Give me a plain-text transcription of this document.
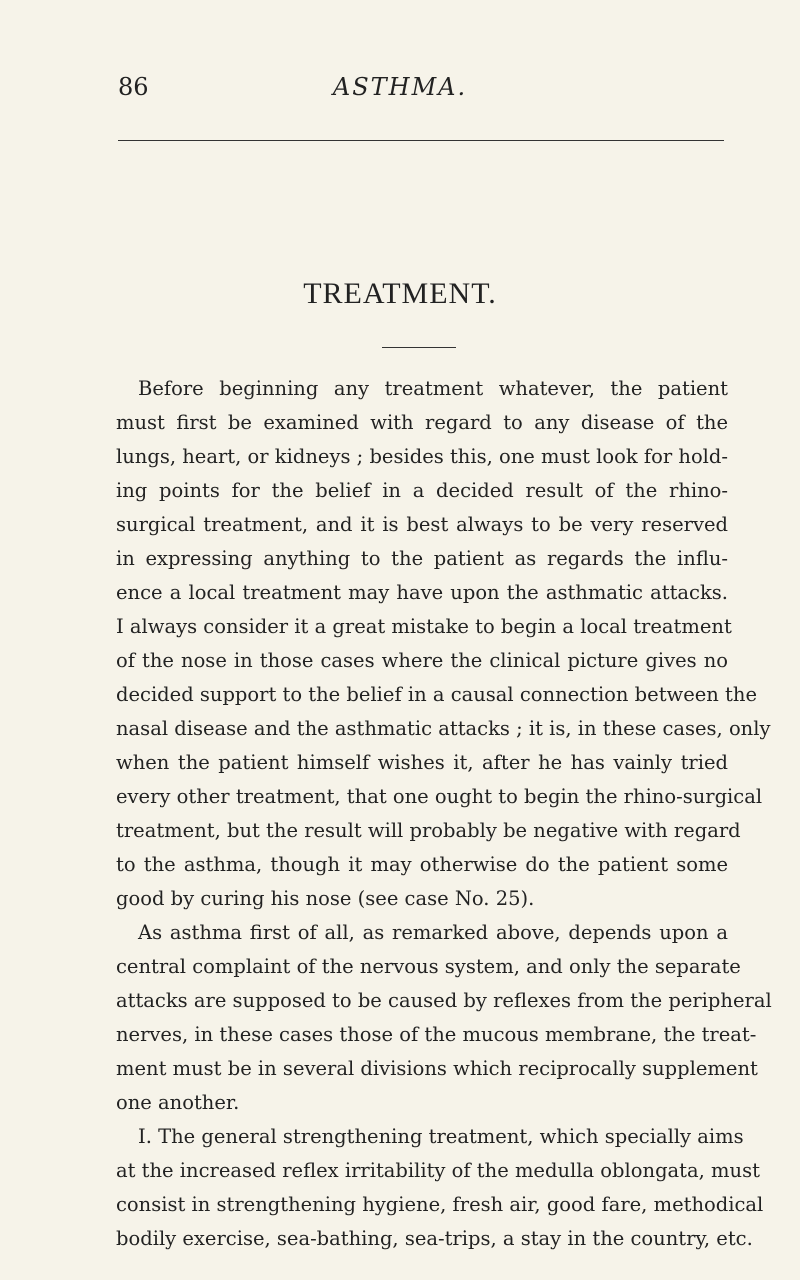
86	ASTHMA.
TREATMENT.
Before beginning any treatment whatever, the patient
must first be examined with regard to any disease of the
lungs, heart, or kidneys ; besides this, one must look for hold-
ing points for the belief in a decided result of the rhino-
surgical treatment, and it is best always to be very reserved
in expressing anything to the patient as regards the influ-
ence a local treatment may have upon the asthmatic attacks.
I always consider it a great mistake to begin a local treatment
of the nose in those cases where the clinical picture gives no
decided support to the belief in a causal connection between the
nasal disease and the asthmatic attacks ; it is, in these cases, only
when the patient himself wishes it, after he has vainly tried
every other treatment, that one ought to begin the rhino-surgical
treatment, but the result will probably be negative with regard
to the asthma, though it may otherwise do the patient some
good by curing his nose (see case No. 25).
As asthma first of all, as remarked above, depends upon a
central complaint of the nervous system, and only the separate
attacks are supposed to be caused by reflexes from the peripheral
nerves, in these cases those of the mucous membrane, the treat-
ment must be in several divisions which reciprocally supplement
one another.
I. The general strengthening treatment, which specially aims
at the increased reflex irritability of the medulla oblongata, must
consist in strengthening hygiene, fresh air, good fare, methodical
bodily exercise, sea-bathing, sea-trips, a stay in the country, etc.
